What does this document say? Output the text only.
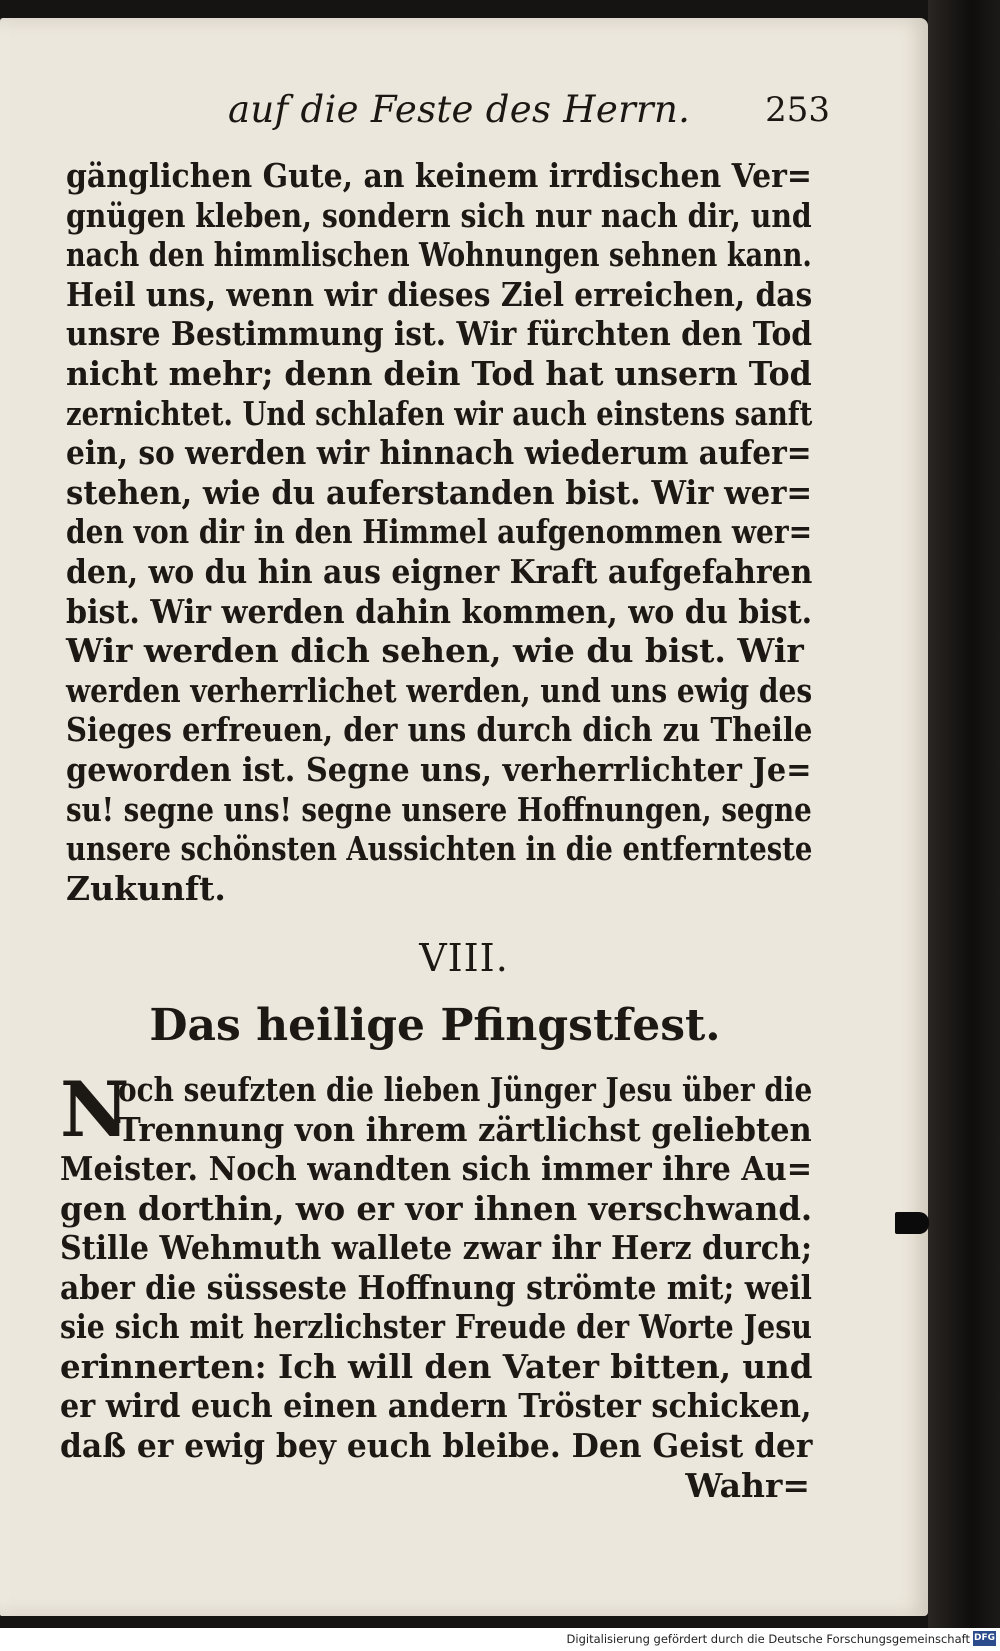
auf die Feste des Herrn. 253
gänglichen Gute, an keinem irrdischen Ver=
gnügen kleben, sondern sich nur nach dir, und
nach den himmlischen Wohnungen sehnen kann.
Heil uns, wenn wir dieses Ziel erreichen, das
unsre Bestimmung ist. Wir fürchten den Tod
nicht mehr; denn dein Tod hat unsern Tod
zernichtet. Und schlafen wir auch einstens sanft
ein, so werden wir hinnach wiederum aufer=
stehen, wie du auferstanden bist. Wir wer=
den von dir in den Himmel aufgenommen wer=
den, wo du hin aus eigner Kraft aufgefahren
bist. Wir werden dahin kommen, wo du bist.
Wir werden dich sehen, wie du bist. Wir
werden verherrlichet werden, und uns ewig des
Sieges erfreuen, der uns durch dich zu Theile
geworden ist. Segne uns, verherrlichter Je=
su! segne uns! segne unsere Hoffnungen, segne
unsere schönsten Aussichten in die entfernteste
Zukunft.
VIII.
Das heilige Pfingstfest.
N
och seufzten die lieben Jünger Jesu über die
Trennung von ihrem zärtlichst geliebten
Meister. Noch wandten sich immer ihre Au=
gen dorthin, wo er vor ihnen verschwand.
Stille Wehmuth wallete zwar ihr Herz durch;
aber die süsseste Hoffnung strömte mit; weil
sie sich mit herzlichster Freude der Worte Jesu
erinnerten: Ich will den Vater bitten, und
er wird euch einen andern Tröster schicken,
daß er ewig bey euch bleibe. Den Geist der
Wahr=
Digitalisierung gefördert durch die Deutsche Forschungsgemeinschaft DFG
